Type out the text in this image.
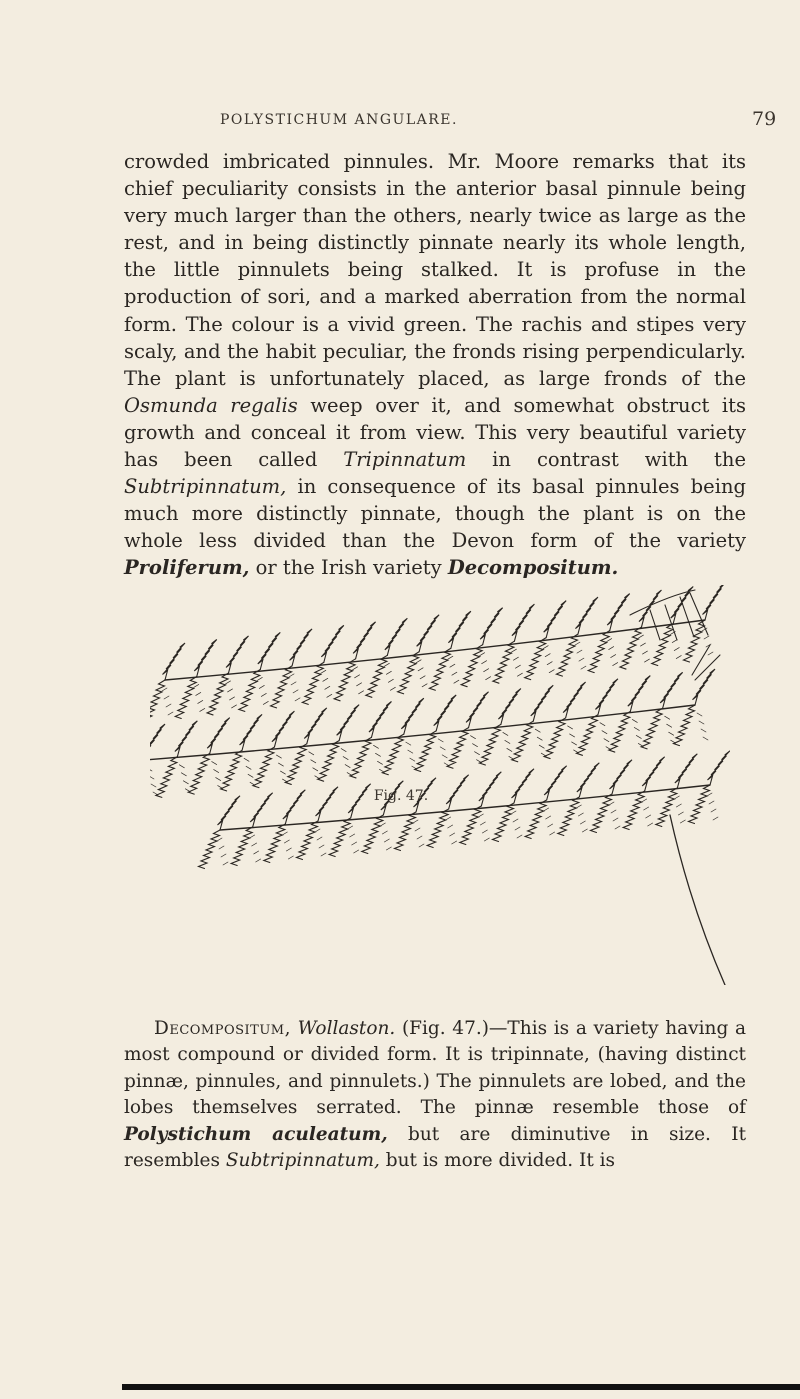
POLYSTICHUM ANGULARE.	79

crowded imbricated pinnules. Mr. Moore remarks that its chief peculiarity consists in the anterior basal pinnule being very much larger than the others, nearly twice as large as the rest, and in being distinctly pinnate nearly its whole length, the little pinnulets being stalked. It is profuse in the production of sori, and a marked aberration from the normal form. The colour is a vivid green. The rachis and stipes very scaly, and the habit peculiar, the fronds rising perpendicularly. The plant is unfortunately placed, as large fronds of the Osmunda regalis weep over it, and somewhat obstruct its growth and conceal it from view. This very beautiful variety has been called Tripinnatum in contrast with the Subtripinnatum, in consequence of its basal pinnules being much more distinctly pinnate, though the plant is on the whole less divided than the Devon form of the variety Proliferum, or the Irish variety Decompositum.

Fig. 47.

Decompositum, Wollaston. (Fig. 47.)—This is a variety having a most compound or divided form. It is tripinnate, (having distinct pinnæ, pinnules, and pinnulets.) The pinnulets are lobed, and the lobes themselves serrated. The pinnæ resemble those of Polystichum aculeatum, but are diminutive in size. It resembles Subtripinnatum, but is more divided. It is
